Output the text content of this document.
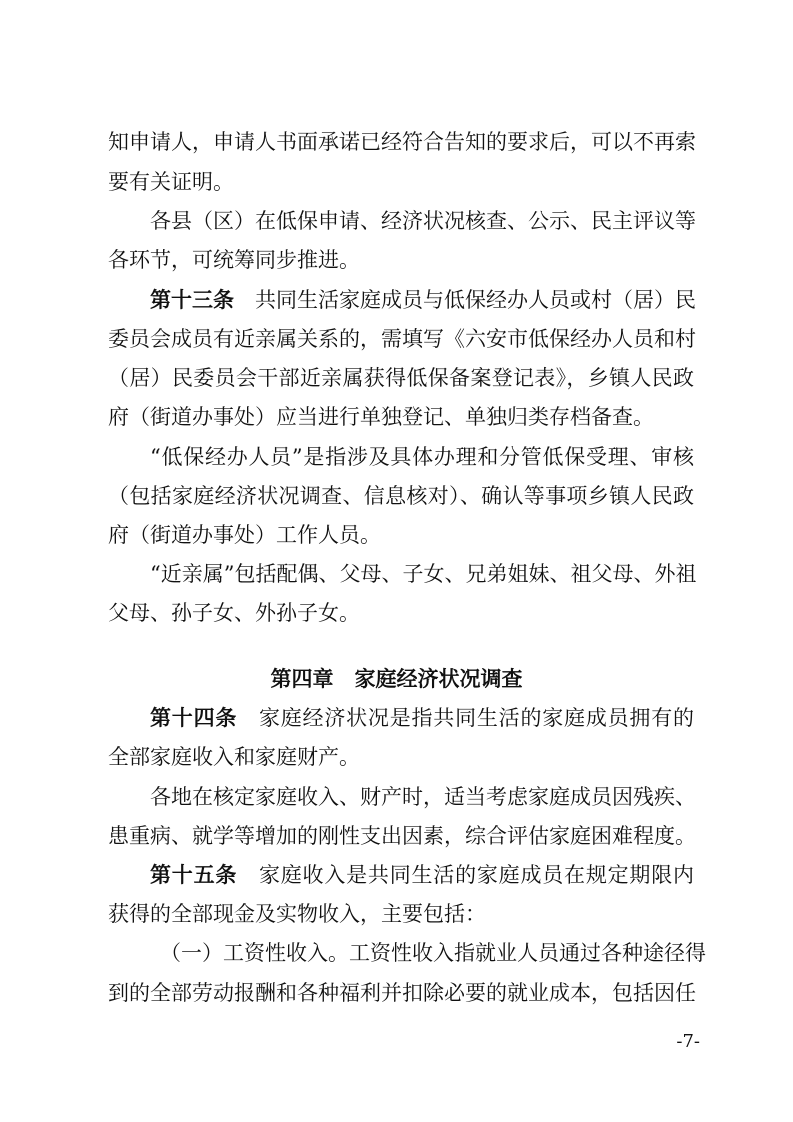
知申请人，申请人书面承诺已经符合告知的要求后，可以不再索
要有关证明。
各县（区）在低保申请、经济状况核查、公示、民主评议等
各环节，可统筹同步推进。
第十三条　共同生活家庭成员与低保经办人员或村（居）民
委员会成员有近亲属关系的，需填写《六安市低保经办人员和村
（居）民委员会干部近亲属获得低保备案登记表》，乡镇人民政
府（街道办事处）应当进行单独登记、单独归类存档备查。
“低保经办人员”是指涉及具体办理和分管低保受理、审核
（包括家庭经济状况调查、信息核对）、确认等事项乡镇人民政
府（街道办事处）工作人员。
“近亲属”包括配偶、父母、子女、兄弟姐妹、祖父母、外祖
父母、孙子女、外孙子女。
第四章　家庭经济状况调查
第十四条　家庭经济状况是指共同生活的家庭成员拥有的
全部家庭收入和家庭财产。
各地在核定家庭收入、财产时，适当考虑家庭成员因残疾、
患重病、就学等增加的刚性支出因素，综合评估家庭困难程度。
第十五条　家庭收入是共同生活的家庭成员在规定期限内
获得的全部现金及实物收入，主要包括：
（一）工资性收入。工资性收入指就业人员通过各种途径得
到的全部劳动报酬和各种福利并扣除必要的就业成本，包括因任
-7-
